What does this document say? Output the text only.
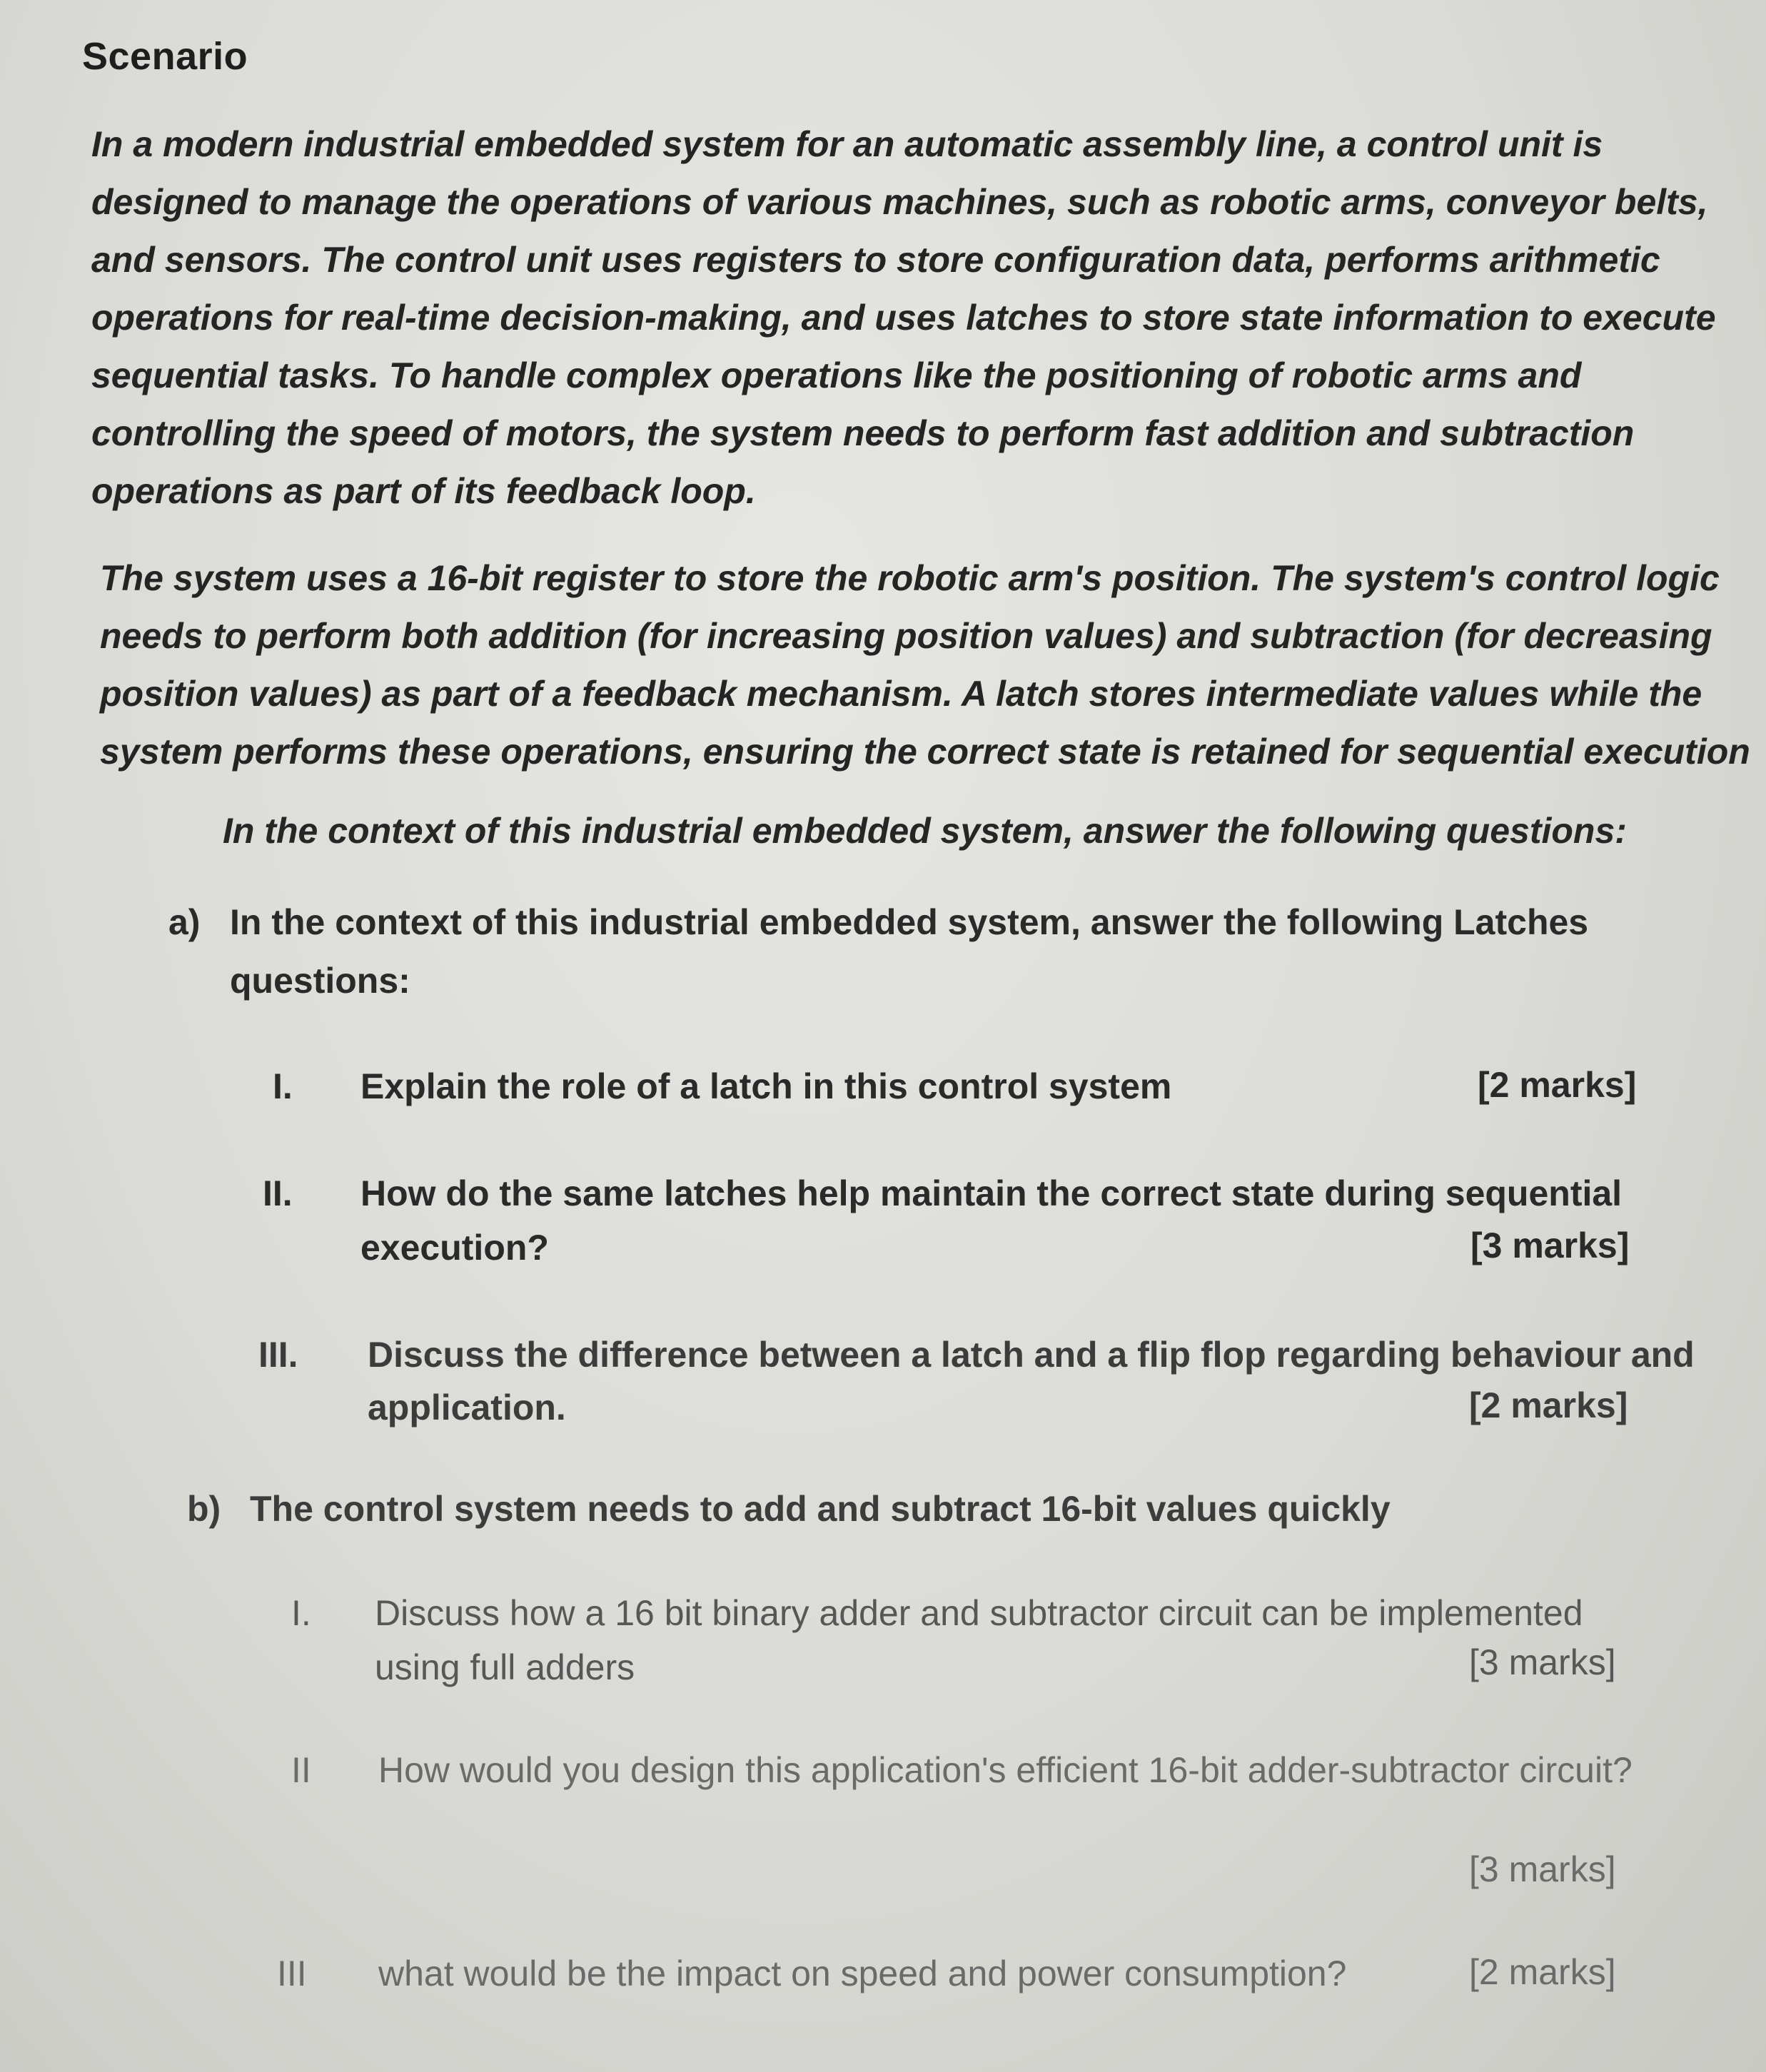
Scenario
In a modern industrial embedded system for an automatic assembly line, a control unit is
designed to manage the operations of various machines, such as robotic arms, conveyor belts,
and sensors. The control unit uses registers to store configuration data, performs arithmetic
operations for real-time decision-making, and uses latches to store state information to execute
sequential tasks. To handle complex operations like the positioning of robotic arms and
controlling the speed of motors, the system needs to perform fast addition and subtraction
operations as part of its feedback loop.
The system uses a 16-bit register to store the robotic arm's position. The system's control logic
needs to perform both addition (for increasing position values) and subtraction (for decreasing
position values) as part of a feedback mechanism. A latch stores intermediate values while the
system performs these operations, ensuring the correct state is retained for sequential execution
In the context of this industrial embedded system, answer the following questions:
a) In the context of this industrial embedded system, answer the following Latches
questions:
I. Explain the role of a latch in this control system	[2 marks]
II. How do the same latches help maintain the correct state during sequential
execution?	[3 marks]
III. Discuss the difference between a latch and a flip flop regarding behaviour and
application.	[2 marks]
b) The control system needs to add and subtract 16-bit values quickly
I. Discuss how a 16 bit binary adder and subtractor circuit can be implemented
using full adders	[3 marks]
II How would you design this application's efficient 16-bit adder-subtractor circuit?
[3 marks]
III what would be the impact on speed and power consumption?	[2 marks]
